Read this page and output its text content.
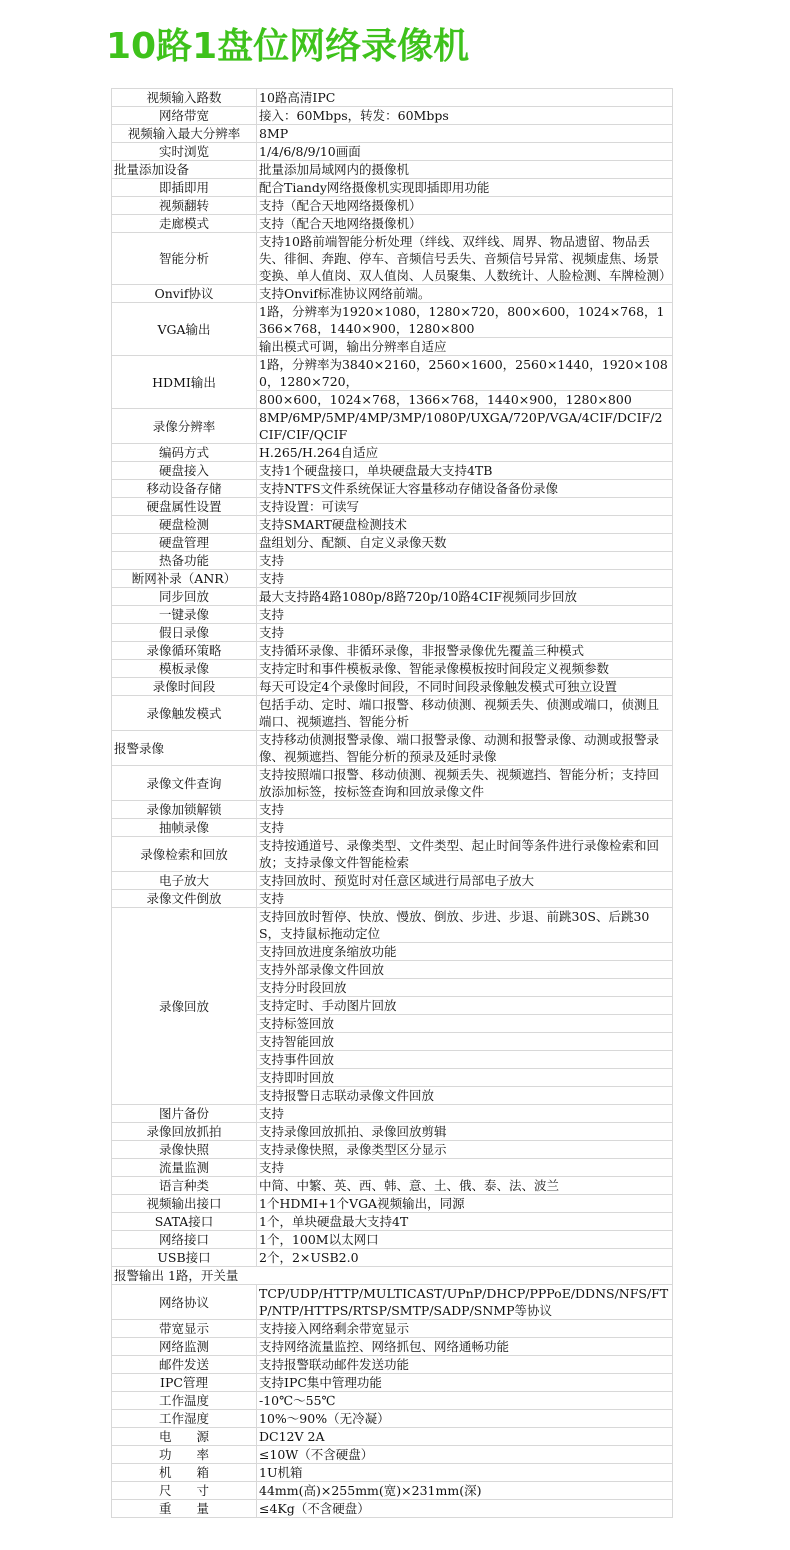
10路1盘位网络录像机
视频输入路数	10路高清IPC
网络带宽	接入：60Mbps，转发：60Mbps
视频输入最大分辨率	8MP
实时浏览	1/4/6/8/9/10画面
批量添加设备	批量添加局域网内的摄像机
即插即用	配合Tiandy网络摄像机实现即插即用功能
视频翻转	支持（配合天地网络摄像机）
走廊模式	支持（配合天地网络摄像机）
智能分析	支持10路前端智能分析处理（绊线、双绊线、周界、物品遗留、物品丢失、徘徊、奔跑、停车、音频信号丢失、音频信号异常、视频虚焦、场景变换、单人值岗、双人值岗、人员聚集、人数统计、人脸检测、车牌检测）
Onvif协议	支持Onvif标准协议网络前端。
VGA输出	1路，分辨率为1920×1080，1280×720，800×600，1024×768，1366×768，1440×900，1280×800
	输出模式可调，输出分辨率自适应
HDMI输出	1路，分辨率为3840×2160，2560×1600，2560×1440，1920×1080，1280×720，
	800×600，1024×768，1366×768，1440×900，1280×800
录像分辨率	8MP/6MP/5MP/4MP/3MP/1080P/UXGA/720P/VGA/4CIF/DCIF/2CIF/CIF/QCIF
编码方式	H.265/H.264自适应
硬盘接入	支持1个硬盘接口，单块硬盘最大支持4TB
移动设备存储	支持NTFS文件系统保证大容量移动存储设备备份录像
硬盘属性设置	支持设置：可读写
硬盘检测	支持SMART硬盘检测技术
硬盘管理	盘组划分、配额、自定义录像天数
热备功能	支持
断网补录（ANR）	支持
同步回放	最大支持路4路1080p/8路720p/10路4CIF视频同步回放
一键录像	支持
假日录像	支持
录像循环策略	支持循环录像、非循环录像，非报警录像优先覆盖三种模式
模板录像	支持定时和事件模板录像、智能录像模板按时间段定义视频参数
录像时间段	每天可设定4个录像时间段，不同时间段录像触发模式可独立设置
录像触发模式	包括手动、定时、端口报警、移动侦测、视频丢失、侦测或端口，侦测且端口、视频遮挡、智能分析
报警录像	支持移动侦测报警录像、端口报警录像、动测和报警录像、动测或报警录像、视频遮挡、智能分析的预录及延时录像
录像文件查询	支持按照端口报警、移动侦测、视频丢失、视频遮挡、智能分析；支持回放添加标签，按标签查询和回放录像文件
录像加锁解锁	支持
抽帧录像	支持
录像检索和回放	支持按通道号、录像类型、文件类型、起止时间等条件进行录像检索和回放；支持录像文件智能检索
电子放大	支持回放时、预览时对任意区域进行局部电子放大
录像文件倒放	支持
录像回放	支持回放时暂停、快放、慢放、倒放、步进、步退、前跳30S、后跳30S，支持鼠标拖动定位
	支持回放进度条缩放功能
	支持外部录像文件回放
	支持分时段回放
	支持定时、手动图片回放
	支持标签回放
	支持智能回放
	支持事件回放
	支持即时回放
	支持报警日志联动录像文件回放
图片备份	支持
录像回放抓拍	支持录像回放抓拍、录像回放剪辑
录像快照	支持录像快照，录像类型区分显示
流量监测	支持
语言种类	中简、中繁、英、西、韩、意、土、俄、泰、法、波兰
视频输出接口	1个HDMI+1个VGA视频输出，同源
SATA接口	1个，单块硬盘最大支持4T
网络接口	1个，100M以太网口
USB接口	2个，2×USB2.0
报警输出 1路，开关量	
网络协议	TCP/UDP/HTTP/MULTICAST/UPnP/DHCP/PPPoE/DDNS/NFS/FTP/NTP/HTTPS/RTSP/SMTP/SADP/SNMP等协议
带宽显示	支持接入网络剩余带宽显示
网络监测	支持网络流量监控、网络抓包、网络通畅功能
邮件发送	支持报警联动邮件发送功能
IPC管理	支持IPC集中管理功能
工作温度	-10℃～55℃
工作湿度	10%～90%（无冷凝）
电　　源	DC12V 2A
功　　率	≤10W（不含硬盘）
机　　箱	1U机箱
尺　　寸	44mm(高)×255mm(宽)×231mm(深)
重　　量	≤4Kg（不含硬盘）
